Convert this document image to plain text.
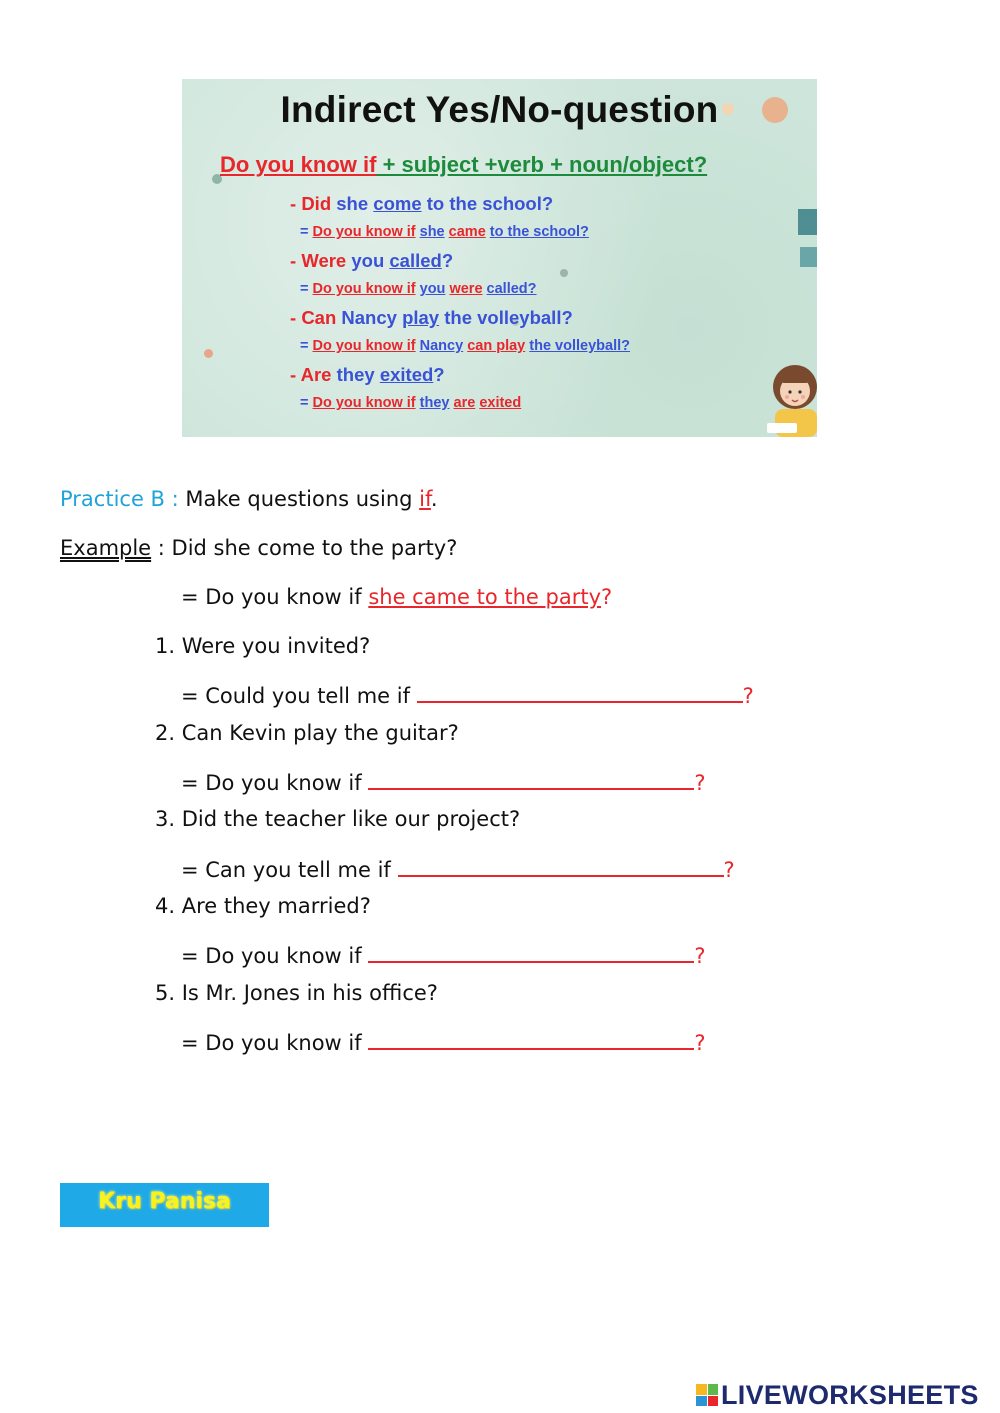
Indirect Yes/No-question
Do you know if + subject +verb + noun/object?
- Did she come to the school?
= Do you know if she came to the school?
- Were you called?
= Do you know if you were called?
- Can Nancy play the volleyball?
= Do you know if Nancy can play the volleyball?
- Are they exited?
= Do you know if they are exited
Practice B : Make questions using if.
Example : Did she come to the party?
= Do you know if she came to the party?
1. Were you invited?
= Could you tell me if	?
2. Can Kevin play the guitar?
= Do you know if	?
3. Did the teacher like our project?
= Can you tell me if	?
4. Are they married?
= Do you know if	?
5. Is Mr. Jones in his office?
= Do you know if	?
Kru Panisa
LIVEWORKSHEETS
